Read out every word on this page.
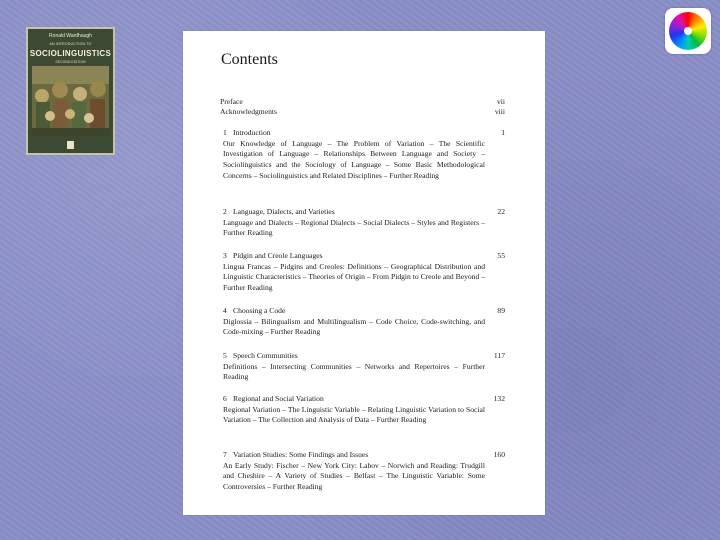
Ronald Wardhaugh
AN INTRODUCTION TO
SOCIOLINGUISTICS
SECOND EDITION	Contents
Preface	vii
Acknowledgments	viii
1 Introduction	1
Our Knowledge of Language – The Problem of Variation – The Scientific Investigation of Language – Relationships Between Language and Society – Sociolinguistics and the Sociology of Language – Some Basic Methodological Concerns – Sociolinguistics and Related Disciplines – Further Reading
2 Language, Dialects, and Varieties	22
Language and Dialects – Regional Dialects – Social Dialects – Styles and Registers – Further Reading
3 Pidgin and Creole Languages	55
Lingua Francas – Pidgins and Creoles: Definitions – Geographical Distribution and Linguistic Characteristics – Theories of Origin – From Pidgin to Creole and Beyond – Further Reading
4 Choosing a Code	89
Diglossia – Bilingualism and Multilingualism – Code Choice, Code-switching, and Code-mixing – Further Reading
5 Speech Communities	117
Definitions – Intersecting Communities – Networks and Repertoires – Further Reading
6 Regional and Social Variation	132
Regional Variation – The Linguistic Variable – Relating Linguistic Variation to Social Variation – The Collection and Analysis of Data – Further Reading
7 Variation Studies: Some Findings and Issues	160
An Early Study: Fischer – New York City: Labov – Norwich and Reading: Trudgill and Cheshire – A Variety of Studies – Belfast – The Linguistic Variable: Some Controversies – Further Reading
